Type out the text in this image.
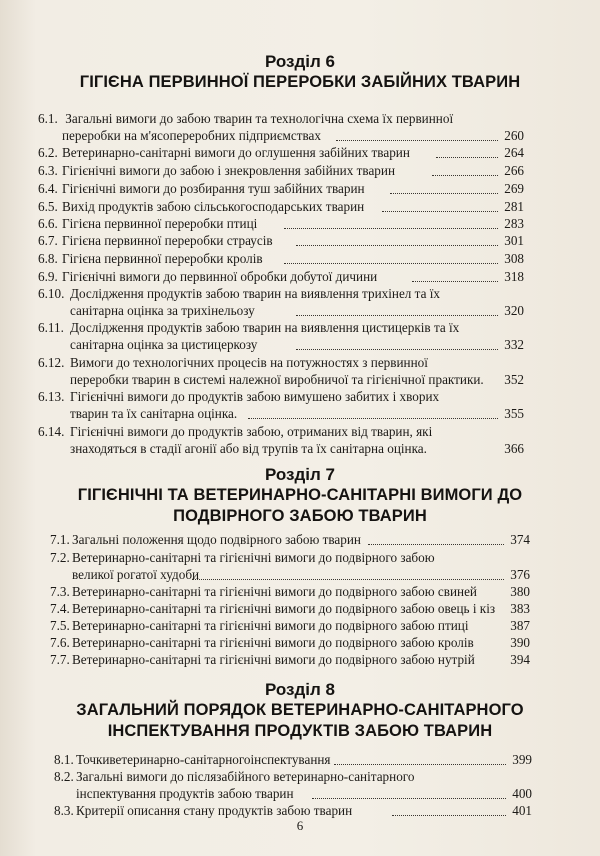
Розділ 6
ГІГІЄНА ПЕРВИННОЇ ПЕРЕРОБКИ ЗАБІЙНИХ ТВАРИН
6.1. Загальні вимоги до забою тварин та технологічна схема їх первинної
переробки на м'ясопереробних підприємствах	260
6.2. Ветеринарно-санітарні вимоги до оглушення забійних тварин	264
6.3. Гігієнічні вимоги до забою і знекровлення забійних тварин	266
6.4. Гігієнічні вимоги до розбирання туш забійних тварин	269
6.5. Вихід продуктів забою сільськогосподарських тварин	281
6.6. Гігієна первинної переробки птиці	283
6.7. Гігієна первинної переробки страусів	301
6.8. Гігієна первинної переробки кролів	308
6.9. Гігієнічні вимоги до первинної обробки добутої дичини	318
6.10. Дослідження продуктів забою тварин на виявлення трихінел та їх
санітарна оцінка за трихінельозу	320
6.11. Дослідження продуктів забою тварин на виявлення цистицерків та їх
санітарна оцінка за цистицеркозу	332
6.12. Вимоги до технологічних процесів на потужностях з первинної
переробки тварин в системі належної виробничої та гігієнічної практики. 352
6.13. Гігієнічні вимоги до продуктів забою вимушено забитих і хворих
тварин та їх санітарна оцінка.	355
6.14. Гігієнічні вимоги до продуктів забою, отриманих від тварин, які
знаходяться в стадії агонії або від трупів та їх санітарна оцінка.	366
Розділ 7
ГІГІЄНІЧНІ ТА ВЕТЕРИНАРНО-САНІТАРНІ ВИМОГИ ДО
ПОДВІРНОГО ЗАБОЮ ТВАРИН
7.1. Загальні положення щодо подвірного забою тварин	374
7.2. Ветеринарно-санітарні та гігієнічні вимоги до подвірного забою
великої рогатої худоби	376
7.3. Ветеринарно-санітарні та гігієнічні вимоги до подвірного забою свиней	380
7.4. Ветеринарно-санітарні та гігієнічні вимоги до подвірного забою овець і кіз 383
7.5. Ветеринарно-санітарні та гігієнічні вимоги до подвірного забою птиці	387
7.6. Ветеринарно-санітарні та гігієнічні вимоги до подвірного забою кролів	390
7.7. Ветеринарно-санітарні та гігієнічні вимоги до подвірного забою нутрій	394
Розділ 8
ЗАГАЛЬНИЙ ПОРЯДОК ВЕТЕРИНАРНО-САНІТАРНОГО
ІНСПЕКТУВАННЯ ПРОДУКТІВ ЗАБОЮ ТВАРИН
8.1. Точкиветеринарно-санітарногоінспектування	399
8.2. Загальні вимоги до післязабійного ветеринарно-санітарного
інспектування продуктів забою тварин	400
8.3. Критерії описання стану продуктів забою тварин	401
6
